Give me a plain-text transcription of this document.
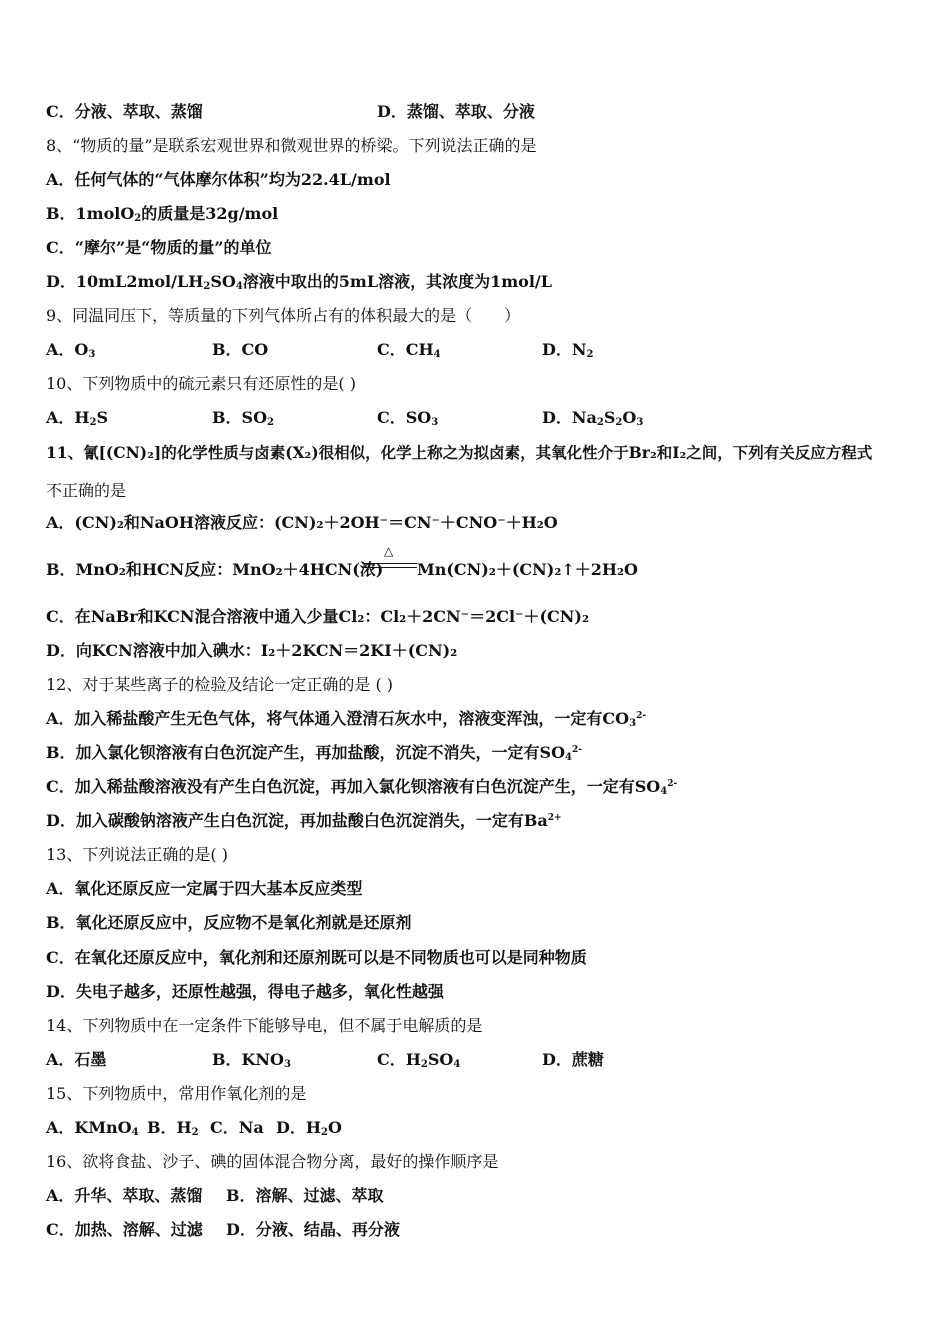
C．分液、萃取、蒸馏	D．蒸馏、萃取、分液
8、“物质的量”是联系宏观世界和微观世界的桥梁。下列说法正确的是
A．任何气体的“气体摩尔体积”均为22.4L/mol
B．1molO$_2$的质量是32g/mol
C．“摩尔”是“物质的量”的单位
D．$10mL2mol/LH_2SO_4$溶液中取出的5mL溶液，其浓度为1mol/L
9、同温同压下，等质量的下列气体所占有的体积最大的是（　　）
A．$O_3$	B．CO	C．$CH_4$	D．$N_2$
10、下列物质中的硫元素只有还原性的是( )
A．$H_2S$	B．$SO_2$	C．$SO_3$	D．$Na_2S_2O_3$
11、氰[(CN)₂]的化学性质与卤素(X₂)很相似，化学上称之为拟卤素，其氧化性介于Br₂和I₂之间，下列有关反应方程式
不正确的是
A．(CN)₂和NaOH溶液反应：(CN)₂＋2OH⁻＝CN⁻＋CNO⁻＋H₂O
B．MnO₂和HCN反应：MnO₂＋4HCN(浓)
△
Mn(CN)₂＋(CN)₂↑＋2H₂O
C．在NaBr和KCN混合溶液中通入少量Cl₂：Cl₂＋2CN⁻＝2Cl⁻＋(CN)₂
D．向KCN溶液中加入碘水：I₂＋2KCN＝2KI＋(CN)₂
12、对于某些离子的检验及结论一定正确的是 ( )
A．加入稀盐酸产生无色气体，将气体通入澄清石灰水中，溶液变浑浊，一定有$CO_3^{2-}$
B．加入氯化钡溶液有白色沉淀产生，再加盐酸，沉淀不消失，一定有$SO_4^{2-}$
C．加入稀盐酸溶液没有产生白色沉淀，再加入氯化钡溶液有白色沉淀产生，一定有$SO_4^{2-}$
D．加入碳酸钠溶液产生白色沉淀，再加盐酸白色沉淀消失，一定有$Ba^{2+}$
13、下列说法正确的是( )
A．氧化还原反应一定属于四大基本反应类型
B．氧化还原反应中，反应物不是氧化剂就是还原剂
C．在氧化还原反应中，氧化剂和还原剂既可以是不同物质也可以是同种物质
D．失电子越多，还原性越强，得电子越多，氧化性越强
14、下列物质中在一定条件下能够导电，但不属于电解质的是
A．石墨	B．$KNO_3$	C．$H_2SO_4$	D．蔗糖
15、下列物质中，常用作氧化剂的是
A．KMnO$_4$ B．$H_2$ C．Na D．$H_2O$
16、欲将食盐、沙子、碘的固体混合物分离，最好的操作顺序是
A．升华、萃取、蒸馏 B．溶解、过滤、萃取
C．加热、溶解、过滤 D．分液、结晶、再分液
